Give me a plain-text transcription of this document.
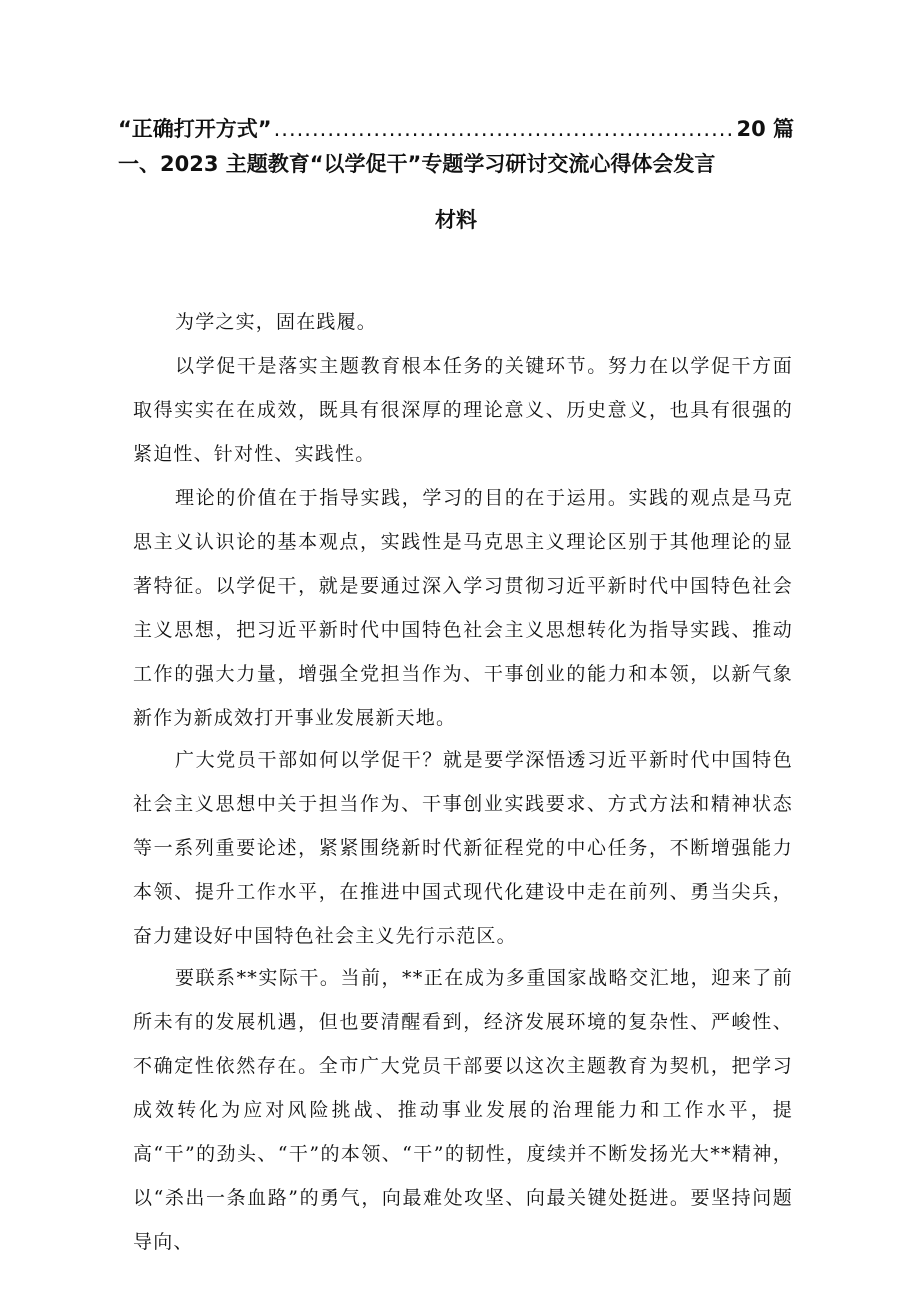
“正确打开方式”
.....	20 篇
一、2023 主题教育“以学促干”专题学习研讨交流心得体会发言
材料

为学之实，固在践履。

以学促干是落实主题教育根本任务的关键环节。努力在以学促干方面取得实实在在成效，既具有很深厚的理论意义、历史意义，也具有很强的紧迫性、针对性、实践性。

理论的价值在于指导实践，学习的目的在于运用。实践的观点是马克思主义认识论的基本观点，实践性是马克思主义理论区别于其他理论的显著特征。以学促干，就是要通过深入学习贯彻习近平新时代中国特色社会主义思想，把习近平新时代中国特色社会主义思想转化为指导实践、推动工作的强大力量，增强全党担当作为、干事创业的能力和本领，以新气象新作为新成效打开事业发展新天地。

广大党员干部如何以学促干？就是要学深悟透习近平新时代中国特色社会主义思想中关于担当作为、干事创业实践要求、方式方法和精神状态等一系列重要论述，紧紧围绕新时代新征程党的中心任务，不断增强能力本领、提升工作水平，在推进中国式现代化建设中走在前列、勇当尖兵，奋力建设好中国特色社会主义先行示范区。

要联系**实际干。当前，**正在成为多重国家战略交汇地，迎来了前所未有的发展机遇，但也要清醒看到，经济发展环境的复杂性、严峻性、不确定性依然存在。全市广大党员干部要以这次主题教育为契机，把学习成效转化为应对风险挑战、推动事业发展的治理能力和工作水平，提高“干”的劲头、“干”的本领、“干”的韧性，度续并不断发扬光大**精神，以“杀出一条血路”的勇气，向最难处攻坚、向最关键处挺进。要坚持问题导向、
